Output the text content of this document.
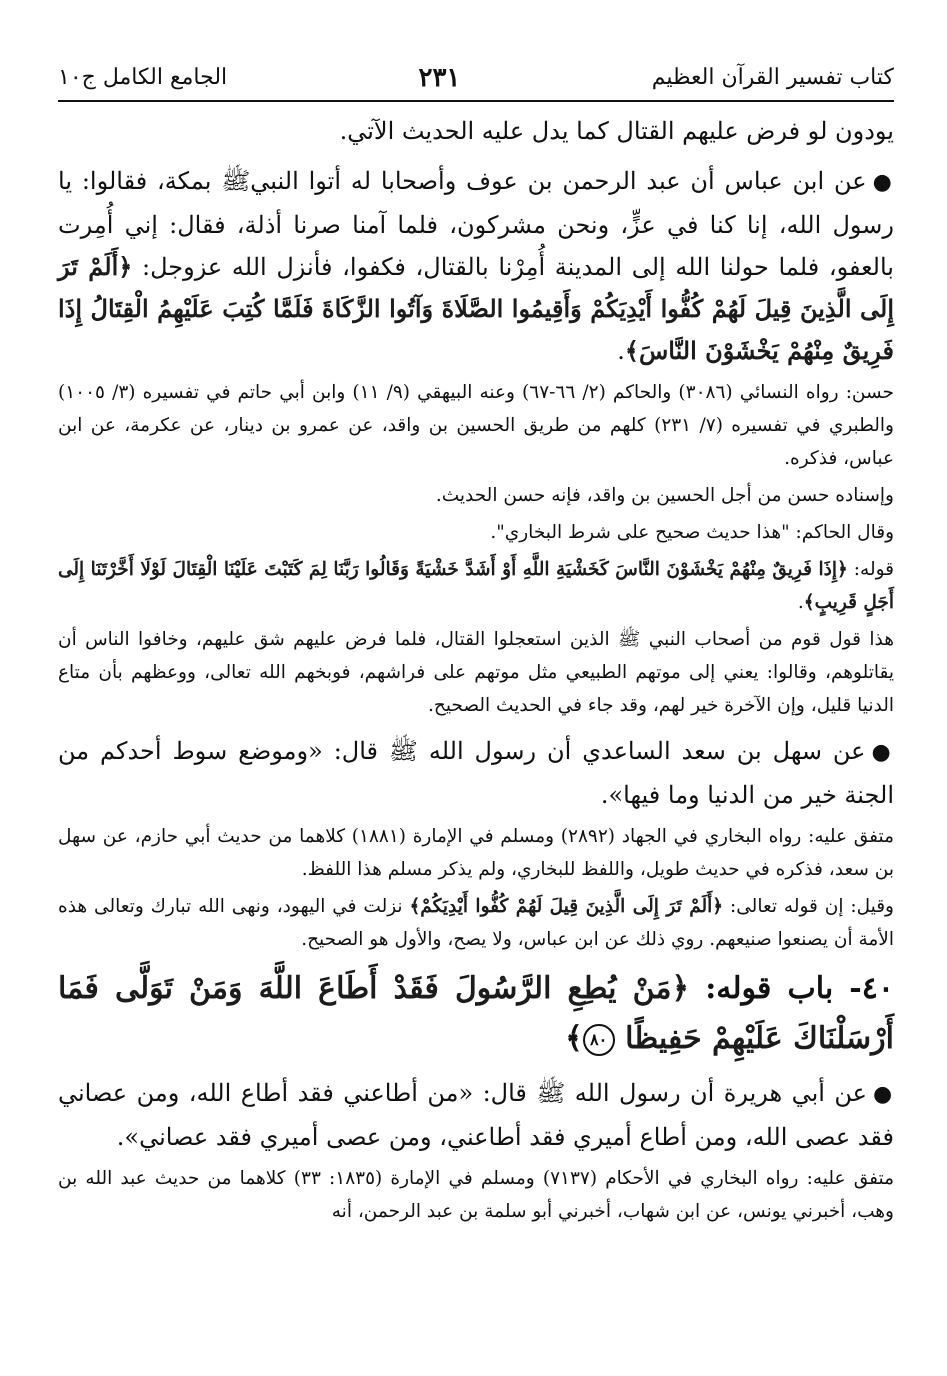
كتاب تفسير القرآن العظيم
٢٣١
الجامع الكامل ج١٠

يودون لو فرض عليهم القتال كما يدل عليه الحديث الآتي.

●عن ابن عباس أن عبد الرحمن بن عوف وأصحابا له أتوا النبيﷺ بمكة، فقالوا: يا رسول الله، إنا كنا في عزٍّ، ونحن مشركون، فلما آمنا صرنا أذلة، فقال: إني أُمِرت بالعفو، فلما حولنا الله إلى المدينة أُمِرْنا بالقتال، فكفوا، فأنزل الله عزوجل: ﴿أَلَمْ تَرَ إِلَى الَّذِينَ قِيلَ لَهُمْ كُفُّوا أَيْدِيَكُمْ وَأَقِيمُوا الصَّلَاةَ وَآتُوا الزَّكَاةَ فَلَمَّا كُتِبَ عَلَيْهِمُ الْقِتَالُ إِذَا فَرِيقٌ مِنْهُمْ يَخْشَوْنَ النَّاسَ﴾.

حسن: رواه النسائي (٣٠٨٦) والحاكم (٢/ ٦٦-٦٧) وعنه البيهقي (٩/ ١١) وابن أبي حاتم في تفسيره (٣/ ١٠٠٥) والطبري في تفسيره (٧/ ٢٣١) كلهم من طريق الحسين بن واقد، عن عمرو بن دينار، عن عكرمة، عن ابن عباس، فذكره.

وإسناده حسن من أجل الحسين بن واقد، فإنه حسن الحديث.

وقال الحاكم: "هذا حديث صحيح على شرط البخاري".

قوله: ﴿إِذَا فَرِيقٌ مِنْهُمْ يَخْشَوْنَ النَّاسَ كَخَشْيَةِ اللَّهِ أَوْ أَشَدَّ خَشْيَةً وَقَالُوا رَبَّنَا لِمَ كَتَبْتَ عَلَيْنَا الْقِتَالَ لَوْلَا أَخَّرْتَنَا إِلَى أَجَلٍ قَرِيبٍ﴾.

هذا قول قوم من أصحاب النبي ﷺ الذين استعجلوا القتال، فلما فرض عليهم شق عليهم، وخافوا الناس أن يقاتلوهم، وقالوا: يعني إلى موتهم الطبيعي مثل موتهم على فراشهم، فوبخهم الله تعالى، ووعظهم بأن متاع الدنيا قليل، وإن الآخرة خير لهم، وقد جاء في الحديث الصحيح.

●عن سهل بن سعد الساعدي أن رسول الله ﷺ قال: «وموضع سوط أحدكم من الجنة خير من الدنيا وما فيها».

متفق عليه: رواه البخاري في الجهاد (٢٨٩٢) ومسلم في الإمارة (١٨٨١) كلاهما من حديث أبي حازم، عن سهل بن سعد، فذكره في حديث طويل، واللفظ للبخاري، ولم يذكر مسلم هذا اللفظ.

وقيل: إن قوله تعالى: ﴿أَلَمْ تَرَ إِلَى الَّذِينَ قِيلَ لَهُمْ كُفُّوا أَيْدِيَكُمْ﴾ نزلت في اليهود، ونهى الله تبارك وتعالى هذه الأمة أن يصنعوا صنيعهم. روي ذلك عن ابن عباس، ولا يصح، والأول هو الصحيح.

٤٠- باب قوله: ﴿مَنْ يُطِعِ الرَّسُولَ فَقَدْ أَطَاعَ اللَّهَ وَمَنْ تَوَلَّى فَمَا أَرْسَلْنَاكَ عَلَيْهِمْ حَفِيظًا ٨٠﴾

●عن أبي هريرة أن رسول الله ﷺ قال: «من أطاعني فقد أطاع الله، ومن عصاني فقد عصى الله، ومن أطاع أميري فقد أطاعني، ومن عصى أميري فقد عصاني».

متفق عليه: رواه البخاري في الأحكام (٧١٣٧) ومسلم في الإمارة (١٨٣٥: ٣٣) كلاهما من حديث عبد الله بن وهب، أخبرني يونس، عن ابن شهاب، أخبرني أبو سلمة بن عبد الرحمن، أنه
